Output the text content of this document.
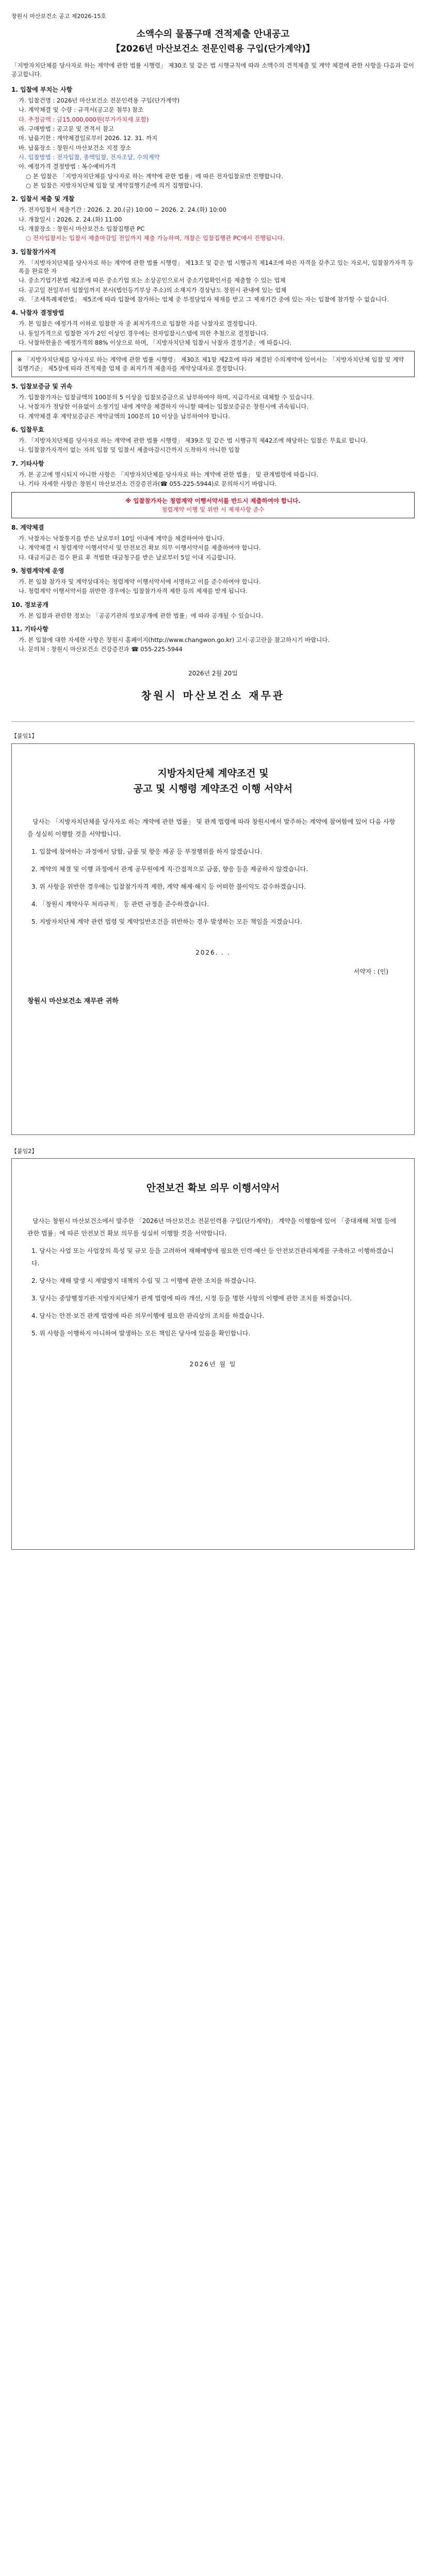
창원시 마산보건소 공고 제2026-15호
소액수의 물품구매 견적제출 안내공고
【2026년 마산보건소 전문인력용 구입(단가계약)】
「지방자치단체를 당사자로 하는 계약에 관한 법률 시행령」 제30조 및 같은 법 시행규칙에 따라 소액수의 견적제출 및 계약 체결에 관한 사항을 다음과 같이 공고합니다.
1. 입찰에 부치는 사항
가. 입찰건명 : 2026년 마산보건소 전문인력용 구입(단가계약)
나. 계약체결 및 수량 : 규격서(공고문 첨부) 참조
다. 추정금액 : 금15,000,000원(부가가치세 포함)
라. 구매방법 : 공고문 및 견적서 참고
마. 납품기한 : 계약체결일로부터 2026. 12. 31. 까지
바. 납품장소 : 창원시 마산보건소 지정 장소
사. 입찰방법 : 전자입찰, 총액입찰, 전자조달, 수의계약
아. 예정가격 결정방법 : 복수예비가격
○ 본 입찰은 「지방자치단체를 당사자로 하는 계약에 관한 법률」에 따른 전자입찰로만 진행합니다.
○ 본 입찰은 지방자치단체 입찰 및 계약집행기준에 의거 집행합니다.
2. 입찰서 제출 및 개찰
가. 전자입찰서 제출기간 : 2026. 2. 20.(금) 10:00 ~ 2026. 2. 24.(화) 10:00
나. 개찰일시 : 2026. 2. 24.(화) 11:00
다. 개찰장소 : 창원시 마산보건소 입찰집행관 PC
○ 전자입찰서는 입찰서 제출마감일 전일까지 제출 가능하며, 개찰은 입찰집행관 PC에서 진행됩니다.
3. 입찰참가자격
가. 「지방자치단체를 당사자로 하는 계약에 관한 법률 시행령」 제13조 및 같은 법 시행규칙 제14조에 따른 자격을 갖추고 있는 자로서, 입찰참가자격 등록을 완료한 자
나. 중소기업기본법 제2조에 따른 중소기업 또는 소상공인으로서 중소기업확인서를 제출할 수 있는 업체
다. 공고일 전일부터 입찰일까지 본사(법인등기부상 주소)의 소재지가 경상남도 창원시 관내에 있는 업체
라. 「조세특례제한법」 제5조에 따라 입찰에 참가하는 업체 중 부정당업자 제재를 받고 그 제재기간 중에 있는 자는 입찰에 참가할 수 없습니다.
4. 낙찰자 결정방법
가. 본 입찰은 예정가격 이하로 입찰한 자 중 최저가격으로 입찰한 자를 낙찰자로 결정합니다.
나. 동일가격으로 입찰한 자가 2인 이상인 경우에는 전자입찰시스템에 의한 추첨으로 결정합니다.
다. 낙찰하한율은 예정가격의 88% 이상으로 하며, 「지방자치단체 입찰시 낙찰자 결정기준」에 따릅니다.
※ 「지방자치단체를 당사자로 하는 계약에 관한 법률 시행령」 제30조 제1항 제2호에 따라 체결된 수의계약에 있어서는 「지방자치단체 입찰 및 계약집행기준」 제5장에 따라 견적제출 업체 중 최저가격 제출자를 계약상대자로 결정합니다.
5. 입찰보증금 및 귀속
가. 입찰참가자는 입찰금액의 100분의 5 이상을 입찰보증금으로 납부하여야 하며, 지급각서로 대체할 수 있습니다.
나. 낙찰자가 정당한 이유없이 소정기일 내에 계약을 체결하지 아니할 때에는 입찰보증금은 창원시에 귀속됩니다.
다. 계약체결 후 계약보증금은 계약금액의 100분의 10 이상을 납부하여야 합니다.
6. 입찰무효
가. 「지방자치단체를 당사자로 하는 계약에 관한 법률 시행령」 제39조 및 같은 법 시행규칙 제42조에 해당하는 입찰은 무효로 합니다.
나. 입찰참가자격이 없는 자의 입찰 및 입찰서 제출마감시간까지 도착하지 아니한 입찰
7. 기타사항
가. 본 공고에 명시되지 아니한 사항은 「지방자치단체를 당사자로 하는 계약에 관한 법률」 및 관계법령에 따릅니다.
나. 기타 자세한 사항은 창원시 마산보건소 건강증진과(☎ 055-225-5944)로 문의하시기 바랍니다.
※ 입찰참가자는 청렴계약 이행서약서를 반드시 제출하여야 합니다.
청렴계약 이행 및 위반 시 제재사항 준수
8. 계약체결
가. 낙찰자는 낙찰통지를 받은 날로부터 10일 이내에 계약을 체결하여야 합니다.
나. 계약체결 시 청렴계약 이행서약서 및 안전보건 확보 의무 이행서약서를 제출하여야 합니다.
다. 대금지급은 검수 완료 후 적법한 대금청구를 받은 날로부터 5일 이내 지급합니다.
9. 청렴계약제 운영
가. 본 입찰 참가자 및 계약상대자는 청렴계약 이행서약서에 서명하고 이를 준수하여야 합니다.
나. 청렴계약 이행서약서를 위반한 경우에는 입찰참가자격 제한 등의 제재를 받게 됩니다.
10. 정보공개
가. 본 입찰과 관련한 정보는 「공공기관의 정보공개에 관한 법률」에 따라 공개될 수 있습니다.
11. 기타사항
가. 본 입찰에 대한 자세한 사항은 창원시 홈페이지(http://www.changwon.go.kr) 고시·공고란을 참고하시기 바랍니다.
나. 문의처 : 창원시 마산보건소 건강증진과 ☎ 055-225-5944
2026년 2월 20일
창원시 마산보건소 재무관
【붙임1】
지방자치단체 계약조건 및
공고 및 시행령 계약조건 이행 서약서
당사는 「지방자치단체를 당사자로 하는 계약에 관한 법률」 및 관계 법령에 따라 창원시에서 발주하는 계약에 참여함에 있어 다음 사항을 성실히 이행할 것을 서약합니다.
1. 입찰에 참여하는 과정에서 담합, 금품 및 향응 제공 등 부정행위를 하지 않겠습니다.
2. 계약의 체결 및 이행 과정에서 관계 공무원에게 직·간접적으로 금품, 향응 등을 제공하지 않겠습니다.
3. 위 사항을 위반한 경우에는 입찰참가자격 제한, 계약 해제·해지 등 어떠한 불이익도 감수하겠습니다.
4. 「창원시 계약사무 처리규칙」 등 관련 규정을 준수하겠습니다.
5. 지방자치단체 계약 관련 법령 및 계약일반조건을 위반하는 경우 발생하는 모든 책임을 지겠습니다.
2026. . .
서약자 : (인)
창원시 마산보건소 재무관 귀하
【붙임2】
안전보건 확보 의무 이행서약서
당사는 창원시 마산보건소에서 발주한 「2026년 마산보건소 전문인력용 구입(단가계약)」 계약을 이행함에 있어 「중대재해 처벌 등에 관한 법률」에 따른 안전보건 확보 의무를 성실히 이행할 것을 서약합니다.
1. 당사는 사업 또는 사업장의 특성 및 규모 등을 고려하여 재해예방에 필요한 인력·예산 등 안전보건관리체계를 구축하고 이행하겠습니다.
2. 당사는 재해 발생 시 재발방지 대책의 수립 및 그 이행에 관한 조치를 하겠습니다.
3. 당사는 중앙행정기관·지방자치단체가 관계 법령에 따라 개선, 시정 등을 명한 사항의 이행에 관한 조치를 하겠습니다.
4. 당사는 안전·보건 관계 법령에 따른 의무이행에 필요한 관리상의 조치를 하겠습니다.
5. 위 사항을 이행하지 아니하여 발생하는 모든 책임은 당사에 있음을 확인합니다.
2026년 월 일
